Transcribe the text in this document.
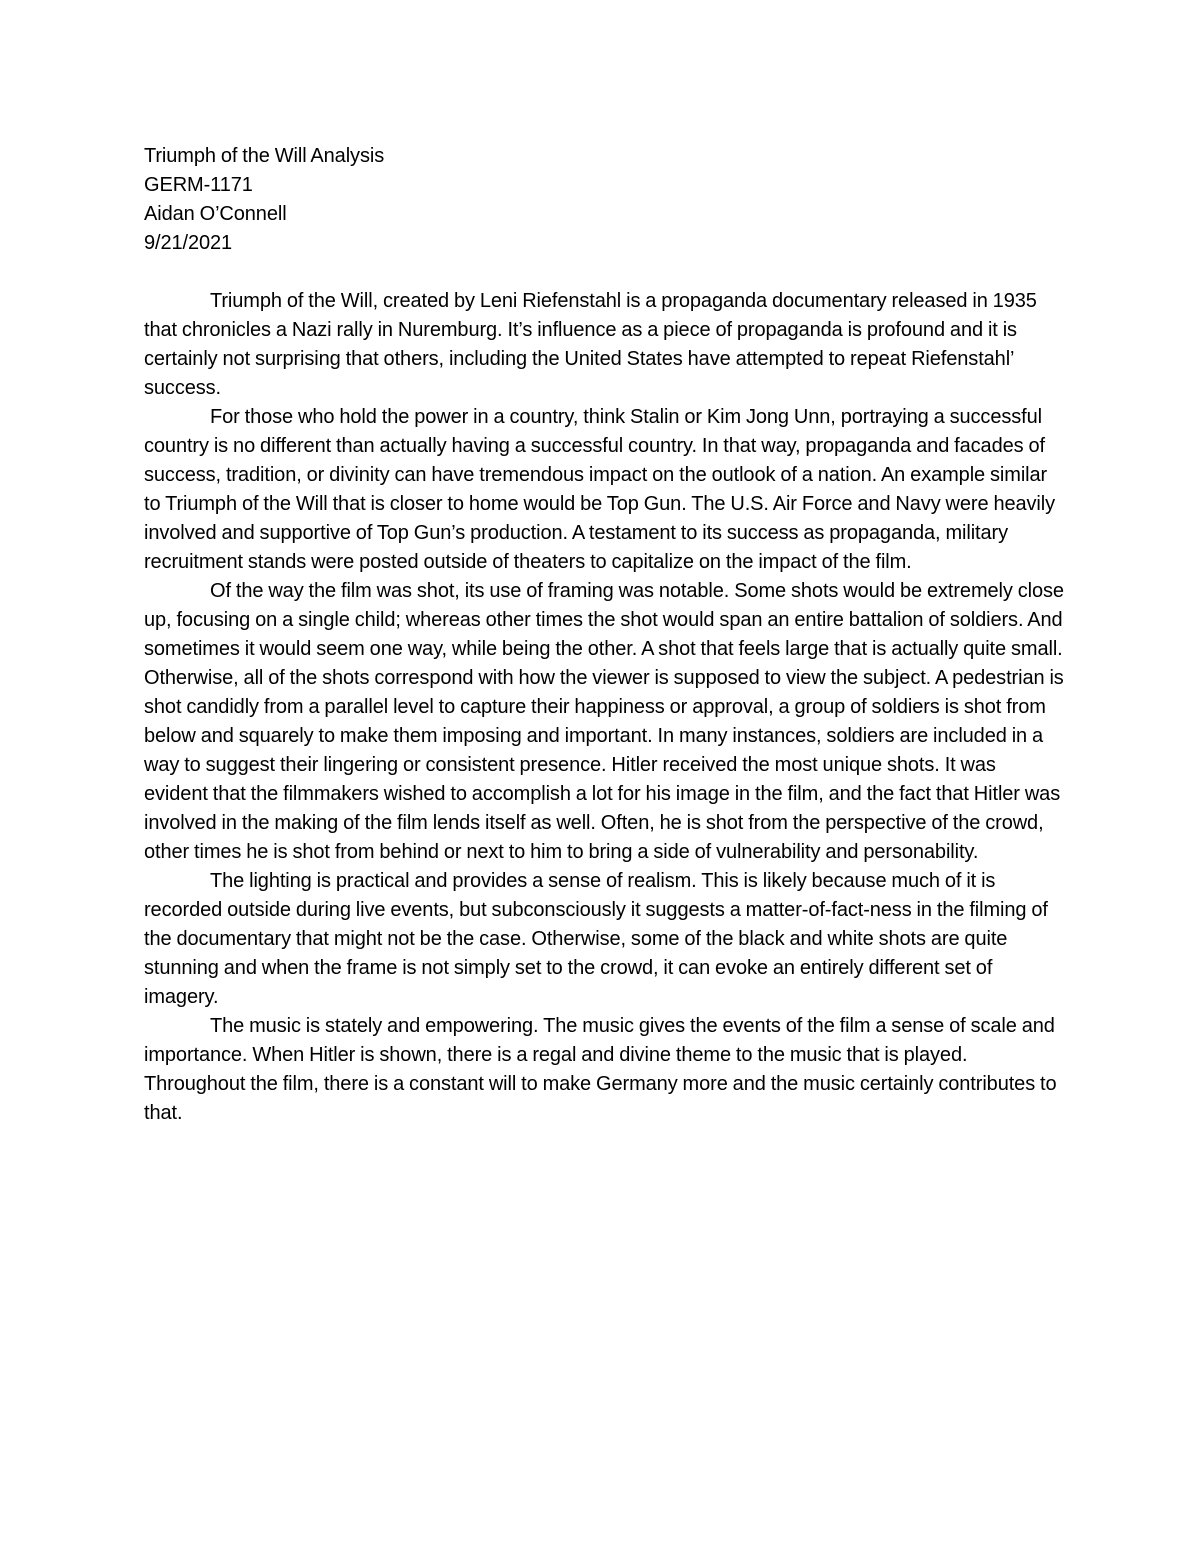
Triumph of the Will Analysis

GERM-1171

Aidan O’Connell

9/21/2021

Triumph of the Will, created by Leni Riefenstahl is a propaganda documentary released in 1935 that chronicles a Nazi rally in Nuremburg. It’s influence as a piece of propaganda is profound and it is certainly not surprising that others, including the United States have attempted to repeat Riefenstahl’ success.

For those who hold the power in a country, think Stalin or Kim Jong Unn, portraying a successful country is no different than actually having a successful country. In that way, propaganda and facades of success, tradition, or divinity can have tremendous impact on the outlook of a nation. An example similar to Triumph of the Will that is closer to home would be Top Gun. The U.S. Air Force and Navy were heavily involved and supportive of Top Gun’s production. A testament to its success as propaganda, military recruitment stands were posted outside of theaters to capitalize on the impact of the film.

Of the way the film was shot, its use of framing was notable. Some shots would be extremely close up, focusing on a single child; whereas other times the shot would span an entire battalion of soldiers. And sometimes it would seem one way, while being the other. A shot that feels large that is actually quite small. Otherwise, all of the shots correspond with how the viewer is supposed to view the subject. A pedestrian is shot candidly from a parallel level to capture their happiness or approval, a group of soldiers is shot from below and squarely to make them imposing and important. In many instances, soldiers are included in a way to suggest their lingering or consistent presence. Hitler received the most unique shots. It was evident that the filmmakers wished to accomplish a lot for his image in the film, and the fact that Hitler was involved in the making of the film lends itself as well. Often, he is shot from the perspective of the crowd, other times he is shot from behind or next to him to bring a side of vulnerability and personability.

The lighting is practical and provides a sense of realism. This is likely because much of it is recorded outside during live events, but subconsciously it suggests a matter-of-fact-ness in the filming of the documentary that might not be the case. Otherwise, some of the black and white shots are quite stunning and when the frame is not simply set to the crowd, it can evoke an entirely different set of imagery.

The music is stately and empowering. The music gives the events of the film a sense of scale and importance. When Hitler is shown, there is a regal and divine theme to the music that is played. Throughout the film, there is a constant will to make Germany more and the music certainly contributes to that.
